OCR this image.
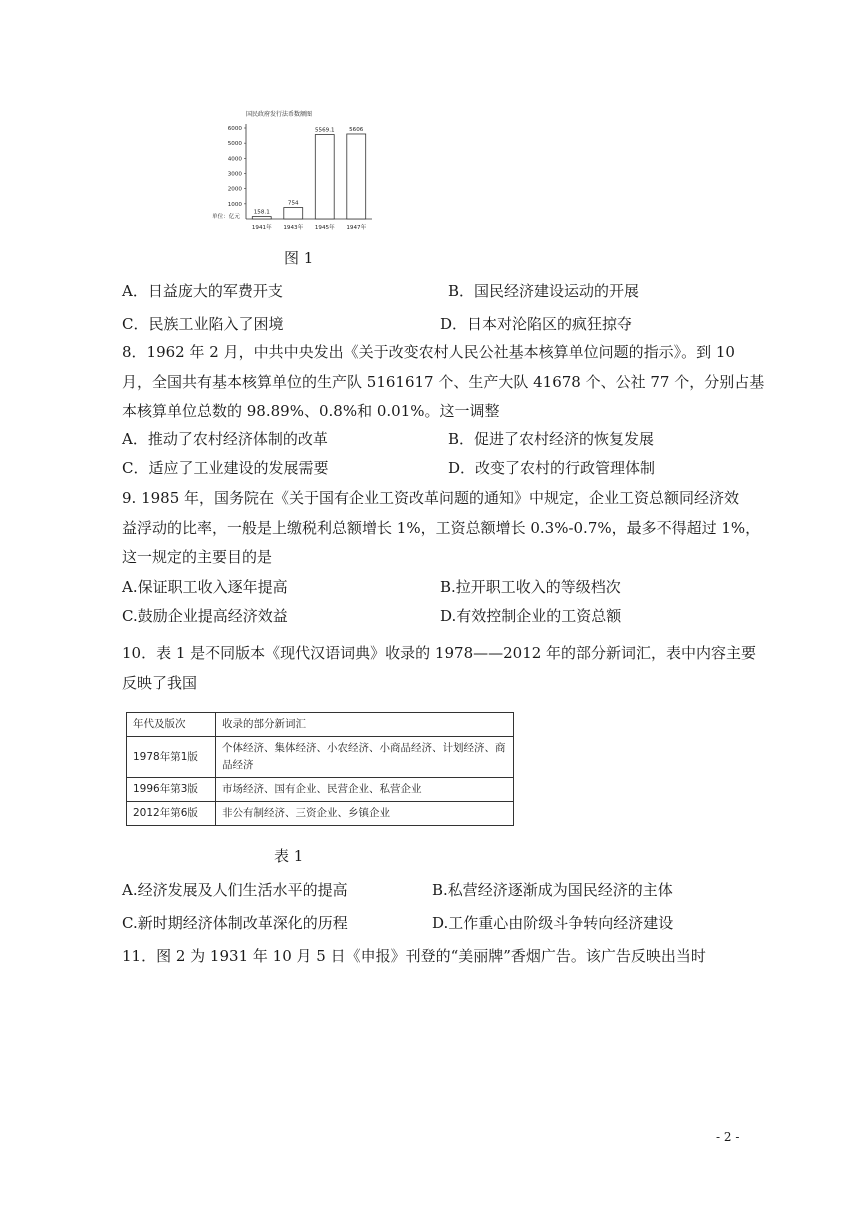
国民政府发行法币数额图
1000
2000
3000
4000
5000
6000
158.1
1941年
754
1943年
5569.1
1945年
5606
1947年
单位：亿元
图 1
A．日益庞大的军费开支	B．国民经济建设运动的开展
C．民族工业陷入了困境	D．日本对沦陷区的疯狂掠夺
8．1962 年 2 月，中共中央发出《关于改变农村人民公社基本核算单位问题的指示》。到 10
月，全国共有基本核算单位的生产队 5161617 个、生产大队 41678 个、公社 77 个，分别占基
本核算单位总数的 98.89%、0.8%和 0.01%。这一调整
A．推动了农村经济体制的改革	B．促进了农村经济的恢复发展
C．适应了工业建设的发展需要	D．改变了农村的行政管理体制
9. 1985 年，国务院在《关于国有企业工资改革问题的通知》中规定，企业工资总额同经济效
益浮动的比率，一般是上缴税利总额增长 1%，工资总额增长 0.3%-0.7%，最多不得超过 1%，
这一规定的主要目的是
A.保证职工收入逐年提高	B.拉开职工收入的等级档次
C.鼓励企业提高经济效益	D.有效控制企业的工资总额
10．表 1 是不同版本《现代汉语词典》收录的 1978——2012 年的部分新词汇，表中内容主要
反映了我国
年代及版次	收录的部分新词汇
1978年第1版	个体经济、集体经济、小农经济、小商品经济、计划经济、商品经济
1996年第3版	市场经济、国有企业、民营企业、私营企业
2012年第6版	非公有制经济、三资企业、乡镇企业
表 1
A.经济发展及人们生活水平的提高	B.私营经济逐渐成为国民经济的主体
C.新时期经济体制改革深化的历程	D.工作重心由阶级斗争转向经济建设
11．图 2 为 1931 年 10 月 5 日《申报》刊登的“美丽牌”香烟广告。该广告反映出当时
- 2 -
